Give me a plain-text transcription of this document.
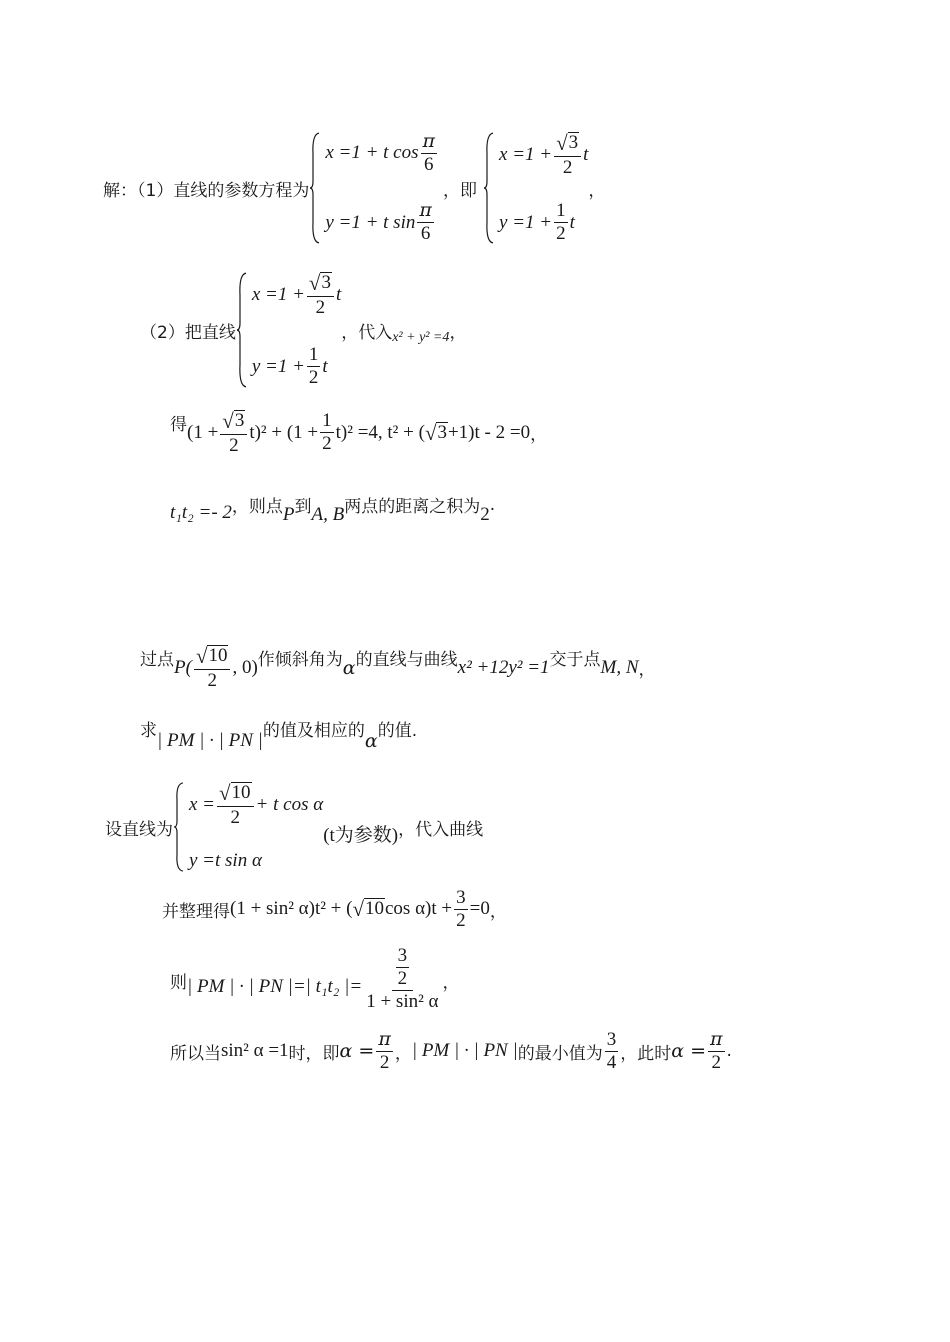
解：（1）直线的参数方程为
x =1 + t $\cos \frac{\pi}{6}$
y =1 + t $\sin \frac{\pi}{6}$
，即
$x =1 + \frac{√ 3}{2}$ t
$y =1 + \frac{1}{2}$ t
，
（2）把直线
$x =1 + \frac{√ 3}{2}$ t
$y =1 + \frac{1}{2}$ t
，代入 x² + y² =4 ，
得 $(1 + \frac{√ 3}{2} t)^2 + (1 + \frac{1}{2} t)^2 =4$, t² + ( √ 3 +1)t - 2 =0 ，
t₁t₂ =- 2 ，则点 P 到 A, B 两点的距离之积为 2 .
过点 $P( \frac{√ 10}{2}$ , 0) 作倾斜角为 α 的直线与曲线 x² +12y² =1 交于点 M, N ，
求 | PM | · | PN | 的值及相应的 α 的值.
设直线为
$x = \frac{√ 10}{2} + t$ cos α
y =t sin α
(t为参数) ，代入曲线
并整理得 (1 + sin² α)t² + ( √ 10 $\cos \alpha)t + \frac{3}{2} =0$ ，
则 | PM | · | PN |=| t₁t₂ |= $\frac{\frac{3}{2}}{\text{1 + sin² α}}$ ，
所以当 sin² α =1 时，即 $\alpha = \frac{\pi}{2}$ ， | PM | · | PN | 的最小值为 $\frac{3}{4}$ ，此时 $\alpha = \frac{\pi}{2}$ .
